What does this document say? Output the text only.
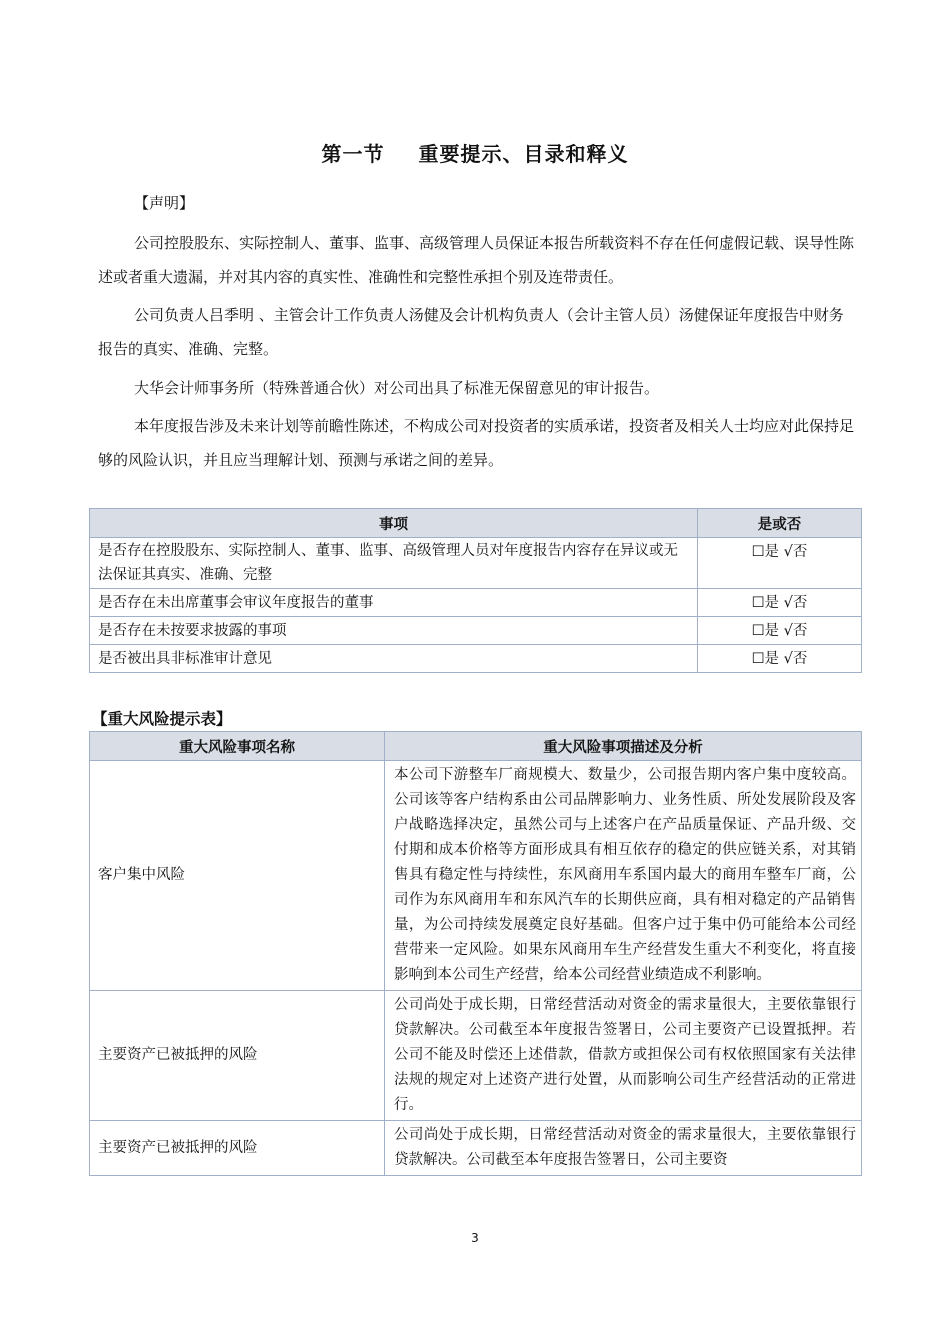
第一节 重要提示、目录和释义
【声明】
公司控股股东、实际控制人、董事、监事、高级管理人员保证本报告所载资料不存在任何虚假记载、误导性陈述或者重大遗漏，并对其内容的真实性、准确性和完整性承担个别及连带责任。
公司负责人吕季明 、主管会计工作负责人汤健及会计机构负责人（会计主管人员）汤健保证年度报告中财务报告的真实、准确、完整。
大华会计师事务所（特殊普通合伙）对公司出具了标准无保留意见的审计报告。
本年度报告涉及未来计划等前瞻性陈述，不构成公司对投资者的实质承诺，投资者及相关人士均应对此保持足够的风险认识，并且应当理解计划、预测与承诺之间的差异。
事项	是或否
是否存在控股股东、实际控制人、董事、监事、高级管理人员对年度报告内容存在异议或无法保证其真实、准确、完整	☐是 √否
是否存在未出席董事会审议年度报告的董事	☐是 √否
是否存在未按要求披露的事项	☐是 √否
是否被出具非标准审计意见	☐是 √否
【重大风险提示表】
重大风险事项名称	重大风险事项描述及分析
客户集中风险	本公司下游整车厂商规模大、数量少，公司报告期内客户集中度较高。公司该等客户结构系由公司品牌影响力、业务性质、所处发展阶段及客户战略选择决定，虽然公司与上述客户在产品质量保证、产品升级、交付期和成本价格等方面形成具有相互依存的稳定的供应链关系，对其销售具有稳定性与持续性，东风商用车系国内最大的商用车整车厂商，公司作为东风商用车和东风汽车的长期供应商，具有相对稳定的产品销售量，为公司持续发展奠定良好基础。但客户过于集中仍可能给本公司经营带来一定风险。如果东风商用车生产经营发生重大不利变化，将直接影响到本公司生产经营，给本公司经营业绩造成不利影响。
主要资产已被抵押的风险	公司尚处于成长期，日常经营活动对资金的需求量很大，主要依靠银行贷款解决。公司截至本年度报告签署日，公司主要资产已设置抵押。若公司不能及时偿还上述借款，借款方或担保公司有权依照国家有关法律法规的规定对上述资产进行处置，从而影响公司生产经营活动的正常进行。
主要资产已被抵押的风险	公司尚处于成长期，日常经营活动对资金的需求量很大，主要依靠银行贷款解决。公司截至本年度报告签署日，公司主要资
3
